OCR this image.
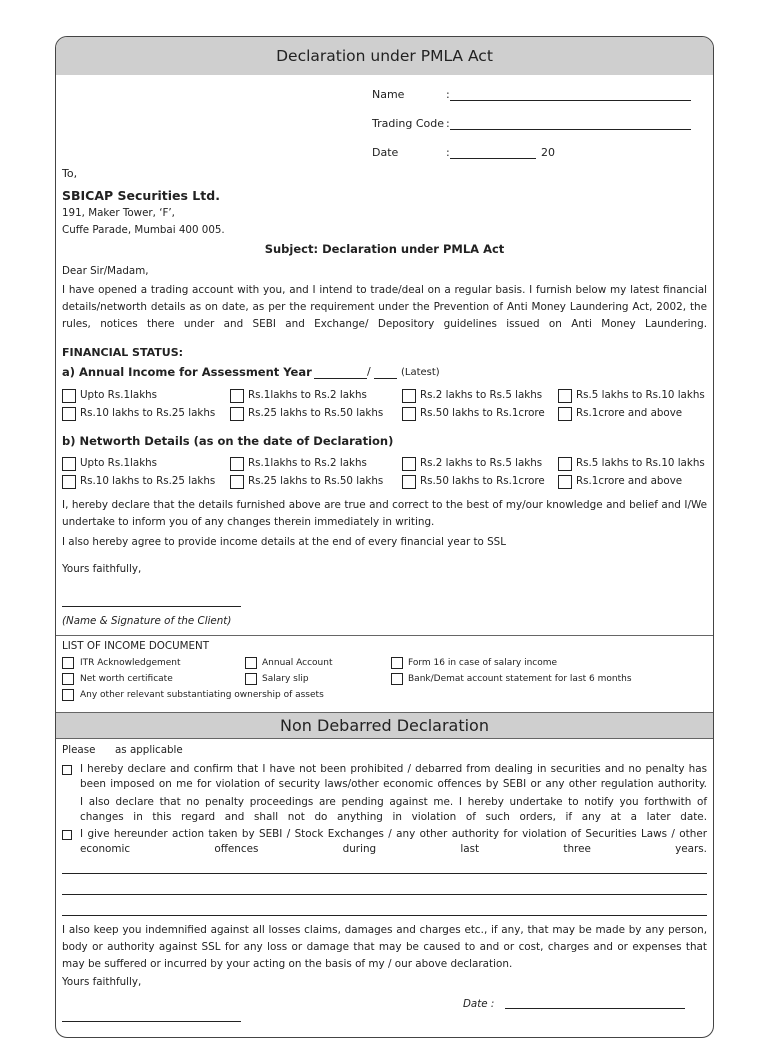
Declaration under PMLA Act
Name	:
Trading Code :
Date	:	20
To,
SBICAP Securities Ltd.
191, Maker Tower, ‘F’,
Cuffe Parade, Mumbai 400 005.
Subject: Declaration under PMLA Act
Dear Sir/Madam,
I have opened a trading account with you, and I intend to trade/deal on a regular basis. I furnish below my latest financial details/networth details as on date, as per the requirement under the Prevention of Anti Money Laundering Act, 2002, the rules, notices there under and SEBI and Exchange/ Depository guidelines issued on Anti Money Laundering.
FINANCIAL STATUS:
a) Annual Income for Assessment Year	/	(Latest)
Upto Rs.1lakhs	Rs.1lakhs to Rs.2 lakhs	Rs.2 lakhs to Rs.5 lakhs	Rs.5 lakhs to Rs.10 lakhs
Rs.10 lakhs to Rs.25 lakhs	Rs.25 lakhs to Rs.50 lakhs	Rs.50 lakhs to Rs.1crore	Rs.1crore and above
b) Networth Details (as on the date of Declaration)
Upto Rs.1lakhs	Rs.1lakhs to Rs.2 lakhs	Rs.2 lakhs to Rs.5 lakhs	Rs.5 lakhs to Rs.10 lakhs
Rs.10 lakhs to Rs.25 lakhs	Rs.25 lakhs to Rs.50 lakhs	Rs.50 lakhs to Rs.1crore	Rs.1crore and above
I, hereby declare that the details furnished above are true and correct to the best of my/our knowledge and belief and I/We undertake to inform you of any changes therein immediately in writing.
I also hereby agree to provide income details at the end of every financial year to SSL
Yours faithfully,
(Name & Signature of the Client)
LIST OF INCOME DOCUMENT
ITR Acknowledgement	Annual Account	Form 16 in case of salary income
Net worth certificate	Salary slip	Bank/Demat account statement for last 6 months
Any other relevant substantiating ownership of assets
Non Debarred Declaration
Please as applicable
I hereby declare and confirm that I have not been prohibited / debarred from dealing in securities and no penalty has been imposed on me for violation of security laws/other economic offences by SEBI or any other regulation authority.
I also declare that no penalty proceedings are pending against me. I hereby undertake to notify you forthwith of changes in this regard and shall not do anything in violation of such orders, if any at a later date.
I give hereunder action taken by SEBI / Stock Exchanges / any other authority for violation of Securities Laws / other economic offences during last three years.
I also keep you indemnified against all losses claims, damages and charges etc., if any, that may be made by any person, body or authority against SSL for any loss or damage that may be caused to and or cost, charges and or expenses that may be suffered or incurred by your acting on the basis of my / our above declaration.
Yours faithfully,
Date :
